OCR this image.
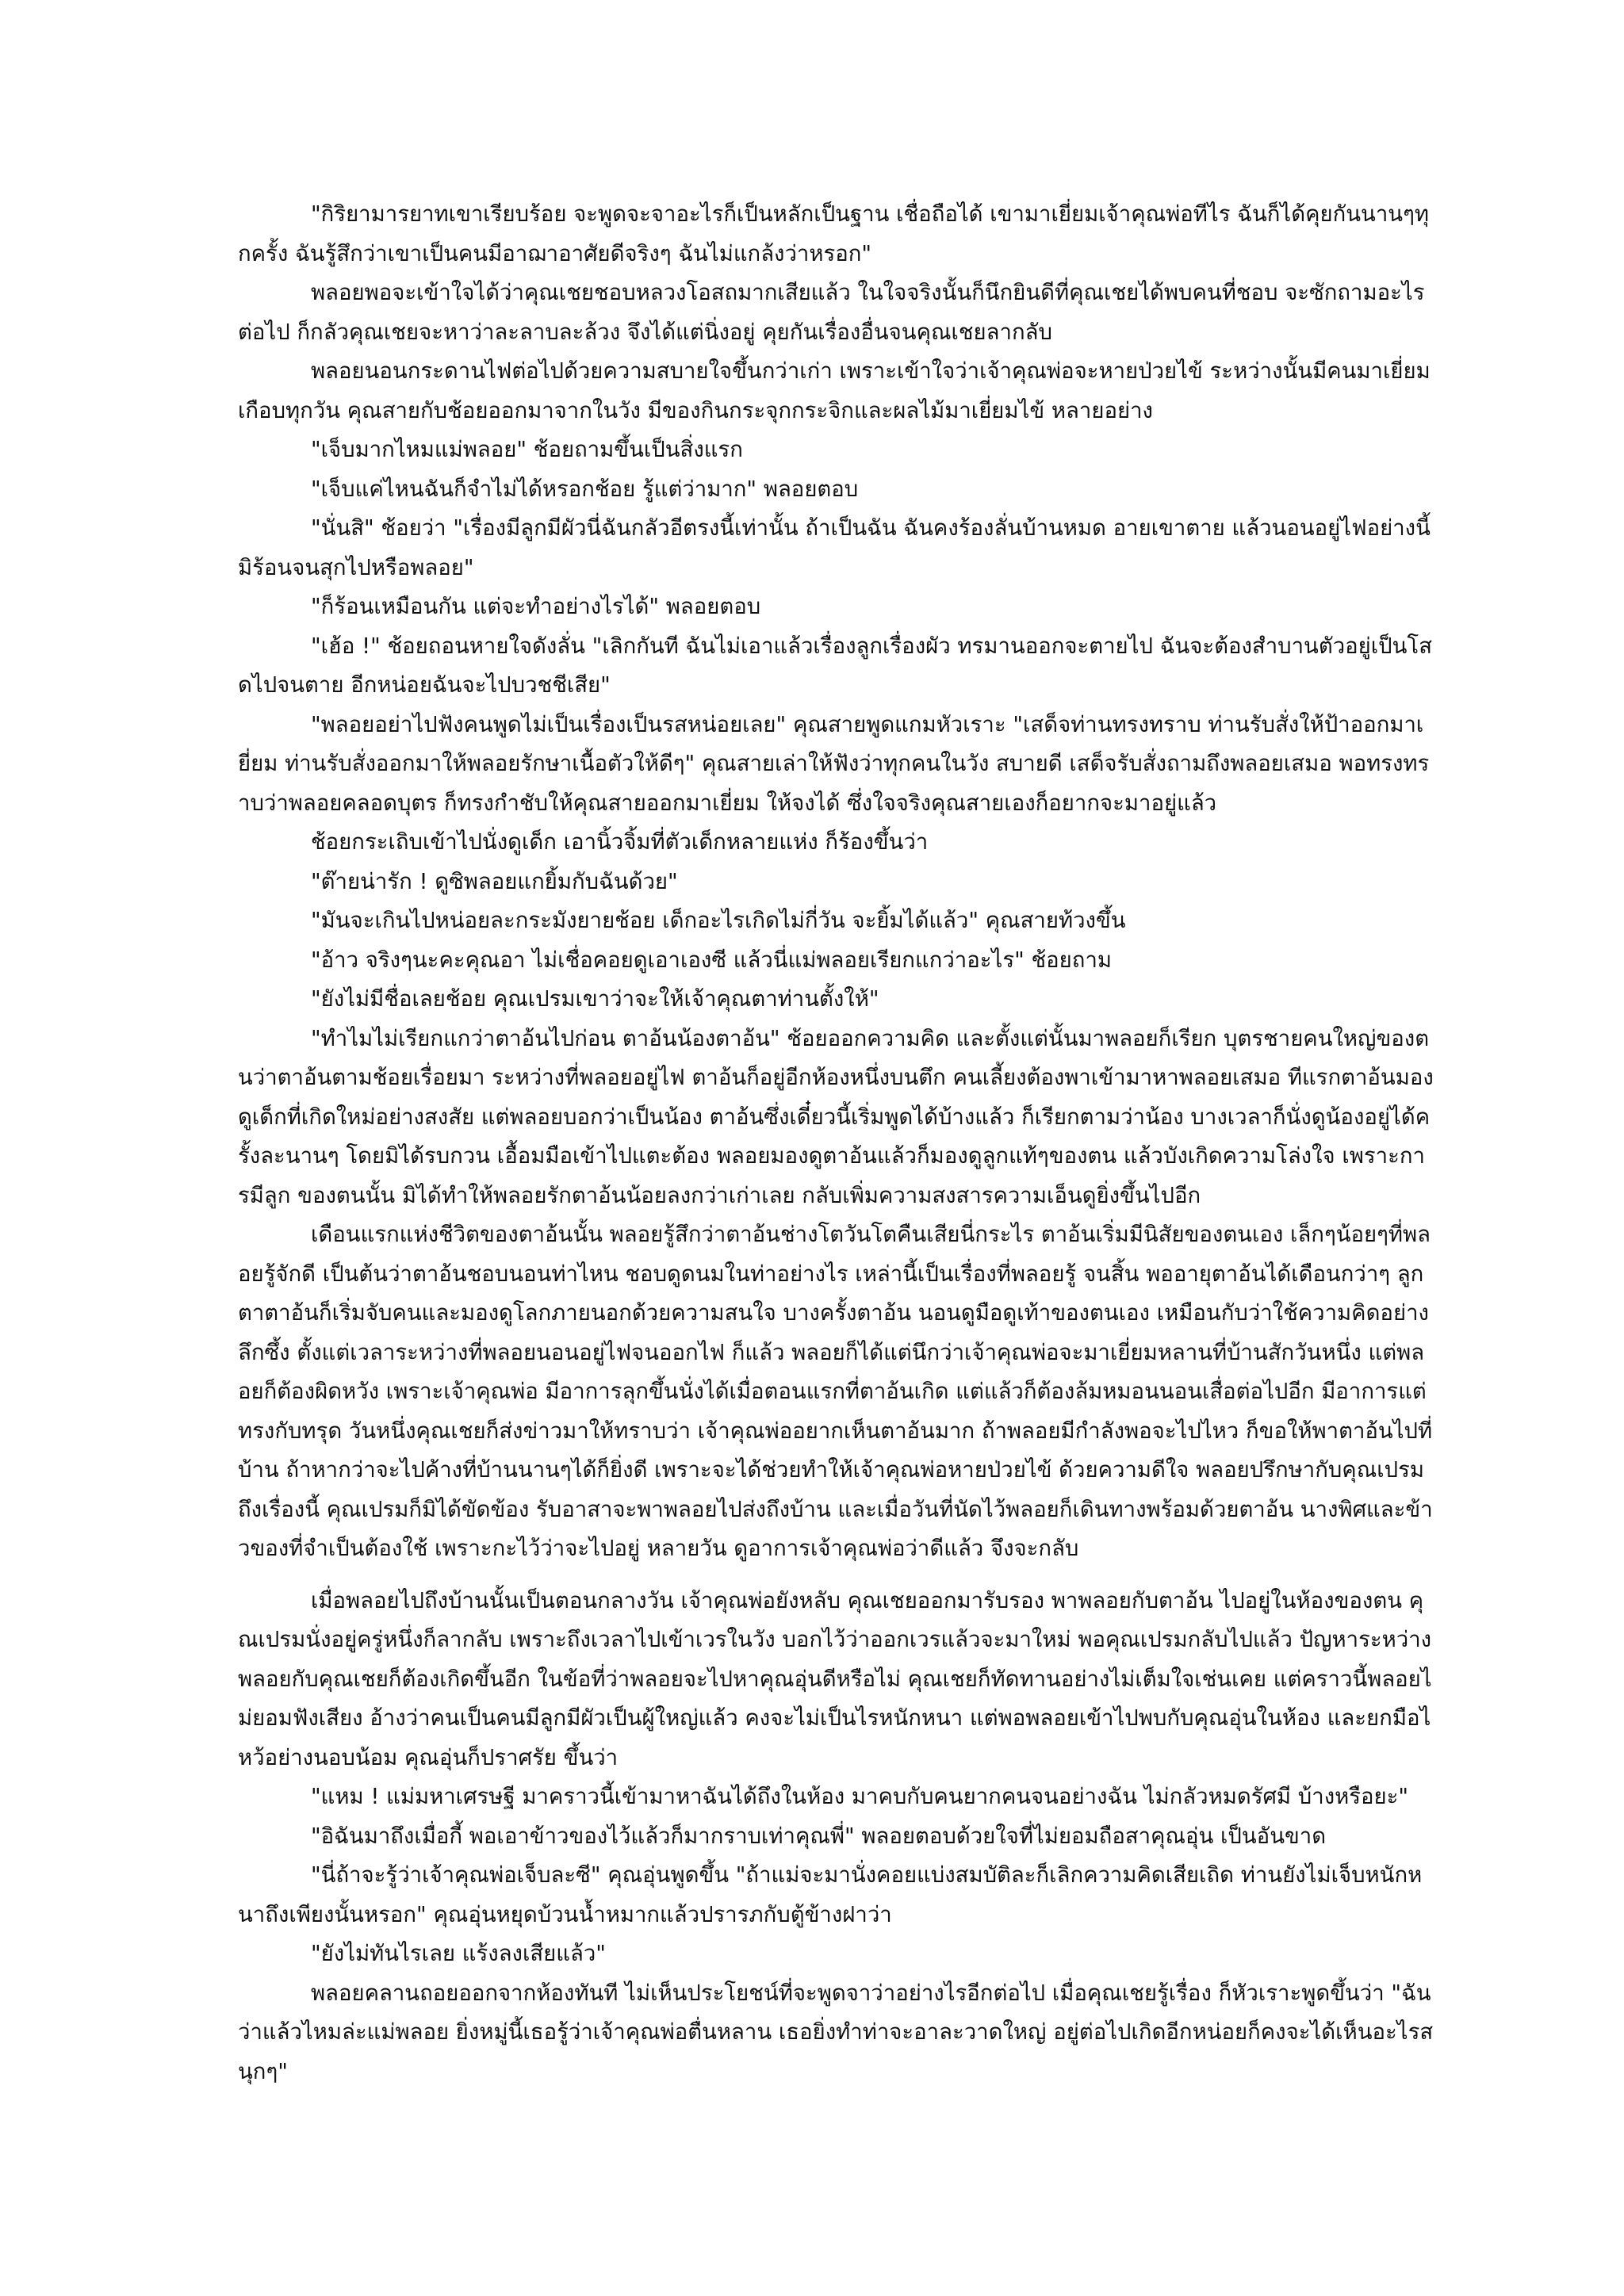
"กิริยามารยาทเขาเรียบร้อย จะพูดจะจาอะไรก็เป็นหลักเป็นฐาน เชื่อถือได้ เขามาเยี่ยมเจ้าคุณพ่อทีไร ฉันก็ได้คุยกันนานๆทุกครั้ง ฉันรู้สึกว่าเขาเป็นคนมีอาฌาอาศัยดีจริงๆ ฉันไม่แกล้งว่าหรอก"

พลอยพอจะเข้าใจได้ว่าคุณเชยชอบหลวงโอสถมากเสียแล้ว ในใจจริงนั้นก็นึกยินดีที่คุณเชยได้พบคนที่ชอบ จะซักถามอะไรต่อไป ก็กลัวคุณเชยจะหาว่าละลาบละล้วง จึงได้แต่นิ่งอยู่ คุยกันเรื่องอื่นจนคุณเชยลากลับ

พลอยนอนกระดานไฟต่อไปด้วยความสบายใจขึ้นกว่าเก่า เพราะเข้าใจว่าเจ้าคุณพ่อจะหายป่วยไข้ ระหว่างนั้นมีคนมาเยี่ยมเกือบทุกวัน คุณสายกับช้อยออกมาจากในวัง มีของกินกระจุกกระจิกและผลไม้มาเยี่ยมไข้ หลายอย่าง

"เจ็บมากไหมแม่พลอย" ช้อยถามขึ้นเป็นสิ่งแรก

"เจ็บแค่ไหนฉันก็จำไม่ได้หรอกช้อย รู้แต่ว่ามาก" พลอยตอบ

"นั่นสิ" ช้อยว่า "เรื่องมีลูกมีผัวนี่ฉันกลัวอีตรงนี้เท่านั้น ถ้าเป็นฉัน ฉันคงร้องลั่นบ้านหมด อายเขาตาย แล้วนอนอยู่ไฟอย่างนี้ มิร้อนจนสุกไปหรือพลอย"

"ก็ร้อนเหมือนกัน แต่จะทำอย่างไรได้" พลอยตอบ

"เฮ้อ !" ช้อยถอนหายใจดังลั่น "เลิกกันที ฉันไม่เอาแล้วเรื่องลูกเรื่องผัว ทรมานออกจะตายไป ฉันจะต้องสำบานตัวอยู่เป็นโสดไปจนตาย อีกหน่อยฉันจะไปบวชชีเสีย"

"พลอยอย่าไปฟังคนพูดไม่เป็นเรื่องเป็นรสหน่อยเลย" คุณสายพูดแกมหัวเราะ "เสด็จท่านทรงทราบ ท่านรับสั่งให้ป้าออกมาเยี่ยม ท่านรับสั่งออกมาให้พลอยรักษาเนื้อตัวให้ดีๆ" คุณสายเล่าให้ฟังว่าทุกคนในวัง สบายดี เสด็จรับสั่งถามถึงพลอยเสมอ พอทรงทราบว่าพลอยคลอดบุตร ก็ทรงกำชับให้คุณสายออกมาเยี่ยม ให้จงได้ ซึ่งใจจริงคุณสายเองก็อยากจะมาอยู่แล้ว

ช้อยกระเถิบเข้าไปนั่งดูเด็ก เอานิ้วจิ้มที่ตัวเด็กหลายแห่ง ก็ร้องขึ้นว่า

"ต๊ายน่ารัก ! ดูซิพลอยแกยิ้มกับฉันด้วย"

"มันจะเกินไปหน่อยละกระมังยายช้อย เด็กอะไรเกิดไม่กี่วัน จะยิ้มได้แล้ว" คุณสายท้วงขึ้น

"อ้าว จริงๆนะคะคุณอา ไม่เชื่อคอยดูเอาเองซี แล้วนี่แม่พลอยเรียกแกว่าอะไร" ช้อยถาม

"ยังไม่มีชื่อเลยช้อย คุณเปรมเขาว่าจะให้เจ้าคุณตาท่านตั้งให้"

"ทำไมไม่เรียกแกว่าตาอ้นไปก่อน ตาอ้นน้องตาอ้น" ช้อยออกความคิด และตั้งแต่นั้นมาพลอยก็เรียก บุตรชายคนใหญ่ของตนว่าตาอ้นตามช้อยเรื่อยมา ระหว่างที่พลอยอยู่ไฟ ตาอ้นก็อยู่อีกห้องหนึ่งบนตึก คนเลี้ยงต้องพาเข้ามาหาพลอยเสมอ ทีแรกตาอ้นมองดูเด็กที่เกิดใหม่อย่างสงสัย แต่พลอยบอกว่าเป็นน้อง ตาอ้นซึ่งเดี๋ยวนี้เริ่มพูดได้บ้างแล้ว ก็เรียกตามว่าน้อง บางเวลาก็นั่งดูน้องอยู่ได้ครั้งละนานๆ โดยมิได้รบกวน เอื้อมมือเข้าไปแตะต้อง พลอยมองดูตาอ้นแล้วก็มองดูลูกแท้ๆของตน แล้วบังเกิดความโล่งใจ เพราะการมีลูก ของตนนั้น มิได้ทำให้พลอยรักตาอ้นน้อยลงกว่าเก่าเลย กลับเพิ่มความสงสารความเอ็นดูยิ่งขึ้นไปอีก

เดือนแรกแห่งชีวิตของตาอ้นนั้น พลอยรู้สึกว่าตาอ้นช่างโตวันโตคืนเสียนี่กระไร ตาอ้นเริ่มมีนิสัยของตนเอง เล็กๆน้อยๆที่พลอยรู้จักดี เป็นต้นว่าตาอ้นชอบนอนท่าไหน ชอบดูดนมในท่าอย่างไร เหล่านี้เป็นเรื่องที่พลอยรู้ จนสิ้น พออายุตาอ้นได้เดือนกว่าๆ ลูกตาตาอ้นก็เริ่มจับคนและมองดูโลกภายนอกด้วยความสนใจ บางครั้งตาอ้น นอนดูมือดูเท้าของตนเอง เหมือนกับว่าใช้ความคิดอย่างลึกซึ้ง ตั้งแต่เวลาระหว่างที่พลอยนอนอยู่ไฟจนออกไฟ ก็แล้ว พลอยก็ได้แต่นึกว่าเจ้าคุณพ่อจะมาเยี่ยมหลานที่บ้านสักวันหนึ่ง แต่พลอยก็ต้องผิดหวัง เพราะเจ้าคุณพ่อ มีอาการลุกขึ้นนั่งได้เมื่อตอนแรกที่ตาอ้นเกิด แต่แล้วก็ต้องล้มหมอนนอนเสื่อต่อไปอีก มีอาการแต่ทรงกับทรุด วันหนึ่งคุณเชยก็ส่งข่าวมาให้ทราบว่า เจ้าคุณพ่ออยากเห็นตาอ้นมาก ถ้าพลอยมีกำลังพอจะไปไหว ก็ขอให้พาตาอ้นไปที่บ้าน ถ้าหากว่าจะไปค้างที่บ้านนานๆได้ก็ยิ่งดี เพราะจะได้ช่วยทำให้เจ้าคุณพ่อหายป่วยไข้ ด้วยความดีใจ พลอยปรึกษากับคุณเปรมถึงเรื่องนี้ คุณเปรมก็มิได้ขัดข้อง รับอาสาจะพาพลอยไปส่งถึงบ้าน และเมื่อวันที่นัดไว้พลอยก็เดินทางพร้อมด้วยตาอ้น นางพิศและข้าวของที่จำเป็นต้องใช้ เพราะกะไว้ว่าจะไปอยู่ หลายวัน ดูอาการเจ้าคุณพ่อว่าดีแล้ว จึงจะกลับ

เมื่อพลอยไปถึงบ้านนั้นเป็นตอนกลางวัน เจ้าคุณพ่อยังหลับ คุณเชยออกมารับรอง พาพลอยกับตาอ้น ไปอยู่ในห้องของตน คุณเปรมนั่งอยู่ครู่หนึ่งก็ลากลับ เพราะถึงเวลาไปเข้าเวรในวัง บอกไว้ว่าออกเวรแล้วจะมาใหม่ พอคุณเปรมกลับไปแล้ว ปัญหาระหว่างพลอยกับคุณเชยก็ต้องเกิดขึ้นอีก ในข้อที่ว่าพลอยจะไปหาคุณอุ่นดีหรือไม่ คุณเชยก็ทัดทานอย่างไม่เต็มใจเช่นเคย แต่คราวนี้พลอยไม่ยอมฟังเสียง อ้างว่าคนเป็นคนมีลูกมีผัวเป็นผู้ใหญ่แล้ว คงจะไม่เป็นไรหนักหนา แต่พอพลอยเข้าไปพบกับคุณอุ่นในห้อง และยกมือไหว้อย่างนอบน้อม คุณอุ่นก็ปราศรัย ขึ้นว่า

"แหม ! แม่มหาเศรษฐี มาคราวนี้เข้ามาหาฉันได้ถึงในห้อง มาคบกับคนยากคนจนอย่างฉัน ไม่กลัวหมดรัศมี บ้างหรือยะ"

"อิฉันมาถึงเมื่อกี้ พอเอาข้าวของไว้แล้วก็มากราบเท่าคุณพี่" พลอยตอบด้วยใจที่ไม่ยอมถือสาคุณอุ่น เป็นอันขาด

"นี่ถ้าจะรู้ว่าเจ้าคุณพ่อเจ็บละซี" คุณอุ่นพูดขึ้น "ถ้าแม่จะมานั่งคอยแบ่งสมบัติละก็เลิกความคิดเสียเถิด ท่านยังไม่เจ็บหนักหนาถึงเพียงนั้นหรอก" คุณอุ่นหยุดบ้วนน้ำหมากแล้วปรารภกับตู้ข้างฝาว่า

"ยังไม่ทันไรเลย แร้งลงเสียแล้ว"

พลอยคลานถอยออกจากห้องทันที ไม่เห็นประโยชน์ที่จะพูดจาว่าอย่างไรอีกต่อไป เมื่อคุณเชยรู้เรื่อง ก็หัวเราะพูดขึ้นว่า "ฉันว่าแล้วไหมล่ะแม่พลอย ยิ่งหมู่นี้เธอรู้ว่าเจ้าคุณพ่อตื่นหลาน เธอยิ่งทำท่าจะอาละวาดใหญ่ อยู่ต่อไปเกิดอีกหน่อยก็คงจะได้เห็นอะไรสนุกๆ"
